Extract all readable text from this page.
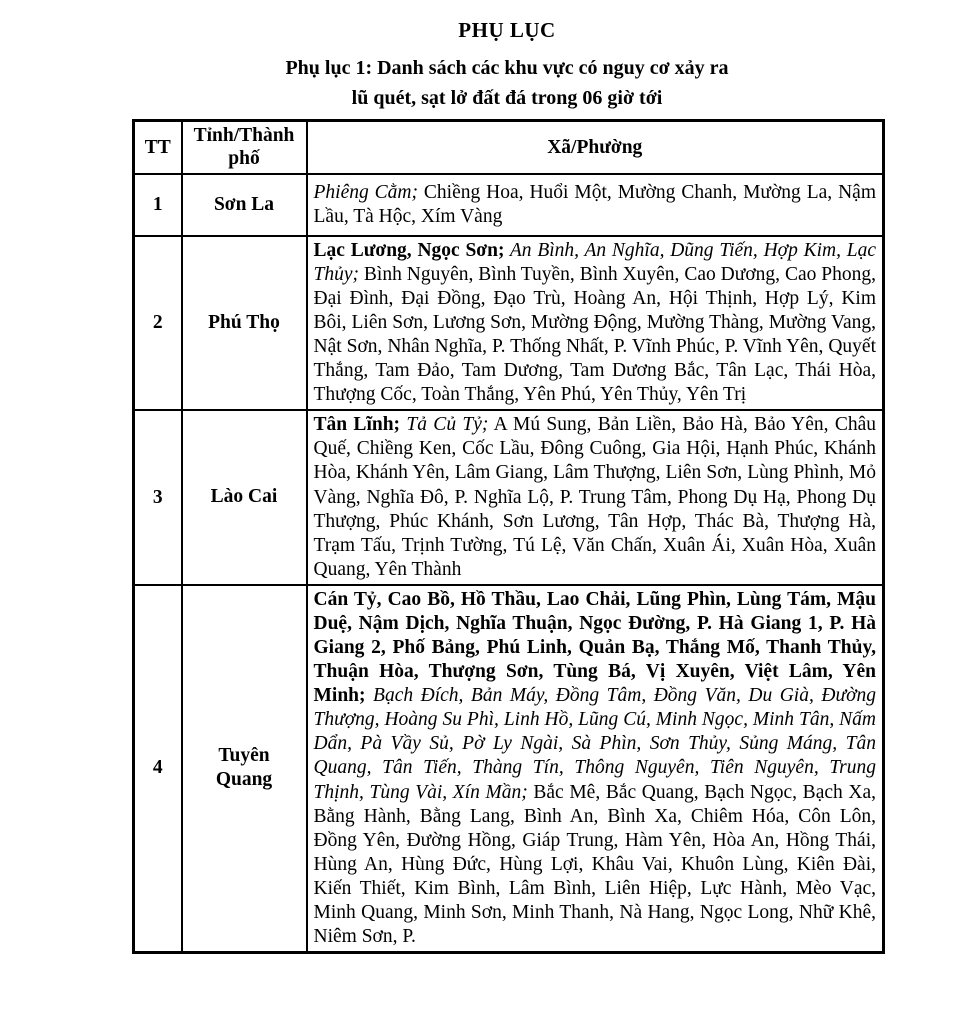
PHỤ LỤC

Phụ lục 1: Danh sách các khu vực có nguy cơ xảy ra

lũ quét, sạt lở đất đá trong 06 giờ tới

TT	Tỉnh/Thành phố	Xã/Phường
1	Sơn La	Phiêng Cằm; Chiềng Hoa, Huổi Một, Mường Chanh, Mường La, Nậm Lầu, Tà Hộc, Xím Vàng
2	Phú Thọ	Lạc Lương, Ngọc Sơn; An Bình, An Nghĩa, Dũng Tiến, Hợp Kim, Lạc Thủy; Bình Nguyên, Bình Tuyền, Bình Xuyên, Cao Dương, Cao Phong, Đại Đình, Đại Đồng, Đạo Trù, Hoàng An, Hội Thịnh, Hợp Lý, Kim Bôi, Liên Sơn, Lương Sơn, Mường Động, Mường Thàng, Mường Vang, Nật Sơn, Nhân Nghĩa, P. Thống Nhất, P. Vĩnh Phúc, P. Vĩnh Yên, Quyết Thắng, Tam Đảo, Tam Dương, Tam Dương Bắc, Tân Lạc, Thái Hòa, Thượng Cốc, Toàn Thắng, Yên Phú, Yên Thủy, Yên Trị
3	Lào Cai	Tân Lĩnh; Tả Củ Tỷ; A Mú Sung, Bản Liền, Bảo Hà, Bảo Yên, Châu Quế, Chiềng Ken, Cốc Lầu, Đông Cuông, Gia Hội, Hạnh Phúc, Khánh Hòa, Khánh Yên, Lâm Giang, Lâm Thượng, Liên Sơn, Lùng Phình, Mỏ Vàng, Nghĩa Đô, P. Nghĩa Lộ, P. Trung Tâm, Phong Dụ Hạ, Phong Dụ Thượng, Phúc Khánh, Sơn Lương, Tân Hợp, Thác Bà, Thượng Hà, Trạm Tấu, Trịnh Tường, Tú Lệ, Văn Chấn, Xuân Ái, Xuân Hòa, Xuân Quang, Yên Thành
4	Tuyên Quang	Cán Tỷ, Cao Bồ, Hồ Thầu, Lao Chải, Lũng Phìn, Lùng Tám, Mậu Duệ, Nậm Dịch, Nghĩa Thuận, Ngọc Đường, P. Hà Giang 1, P. Hà Giang 2, Phố Bảng, Phú Linh, Quản Bạ, Thắng Mố, Thanh Thủy, Thuận Hòa, Thượng Sơn, Tùng Bá, Vị Xuyên, Việt Lâm, Yên Minh; Bạch Đích, Bản Máy, Đồng Tâm, Đồng Văn, Du Già, Đường Thượng, Hoàng Su Phì, Linh Hồ, Lũng Cú, Minh Ngọc, Minh Tân, Nấm Dẩn, Pà Vầy Sủ, Pờ Ly Ngài, Sà Phìn, Sơn Thủy, Sủng Máng, Tân Quang, Tân Tiến, Thàng Tín, Thông Nguyên, Tiên Nguyên, Trung Thịnh, Tùng Vài, Xín Mần; Bắc Mê, Bắc Quang, Bạch Ngọc, Bạch Xa, Bằng Hành, Bằng Lang, Bình An, Bình Xa, Chiêm Hóa, Côn Lôn, Đồng Yên, Đường Hồng, Giáp Trung, Hàm Yên, Hòa An, Hồng Thái, Hùng An, Hùng Đức, Hùng Lợi, Khâu Vai, Khuôn Lùng, Kiên Đài, Kiến Thiết, Kim Bình, Lâm Bình, Liên Hiệp, Lực Hành, Mèo Vạc, Minh Quang, Minh Sơn, Minh Thanh, Nà Hang, Ngọc Long, Nhữ Khê, Niêm Sơn, P.
